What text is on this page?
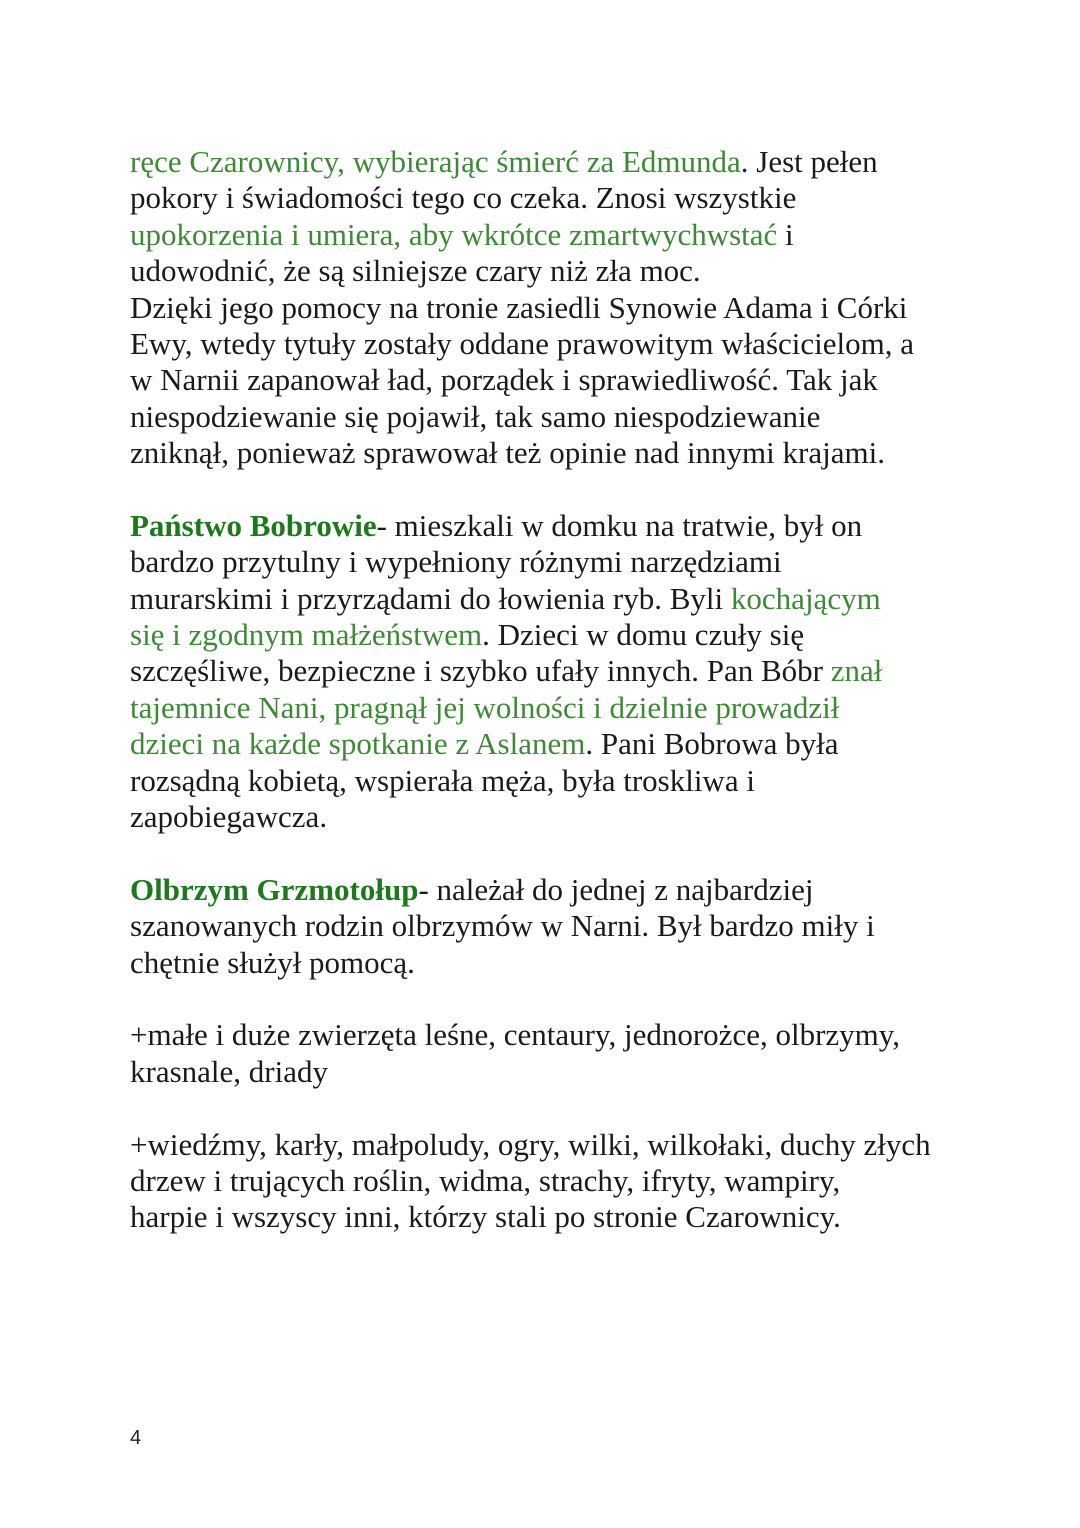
ręce Czarownicy, wybierając śmierć za Edmunda. Jest pełen
pokory i świadomości tego co czeka. Znosi wszystkie
upokorzenia i umiera, aby wkrótce zmartwychwstać i
udowodnić, że są silniejsze czary niż zła moc.
Dzięki jego pomocy na tronie zasiedli Synowie Adama i Córki
Ewy, wtedy tytuły zostały oddane prawowitym właścicielom, a
w Narnii zapanował ład, porządek i sprawiedliwość. Tak jak
niespodziewanie się pojawił, tak samo niespodziewanie
zniknął, ponieważ sprawował też opinie nad innymi krajami.
Państwo Bobrowie- mieszkali w domku na tratwie, był on
bardzo przytulny i wypełniony różnymi narzędziami
murarskimi i przyrządami do łowienia ryb. Byli kochającym
się i zgodnym małżeństwem. Dzieci w domu czuły się
szczęśliwe, bezpieczne i szybko ufały innych. Pan Bóbr znał
tajemnice Nani, pragnął jej wolności i dzielnie prowadził
dzieci na każde spotkanie z Aslanem. Pani Bobrowa była
rozsądną kobietą, wspierała męża, była troskliwa i
zapobiegawcza.
Olbrzym Grzmotołup- należał do jednej z najbardziej
szanowanych rodzin olbrzymów w Narni. Był bardzo miły i
chętnie służył pomocą.
+małe i duże zwierzęta leśne, centaury, jednorożce, olbrzymy,
krasnale, driady
+wiedźmy, karły, małpoludy, ogry, wilki, wilkołaki, duchy złych
drzew i trujących roślin, widma, strachy, ifryty, wampiry,
harpie i wszyscy inni, którzy stali po stronie Czarownicy.
4
